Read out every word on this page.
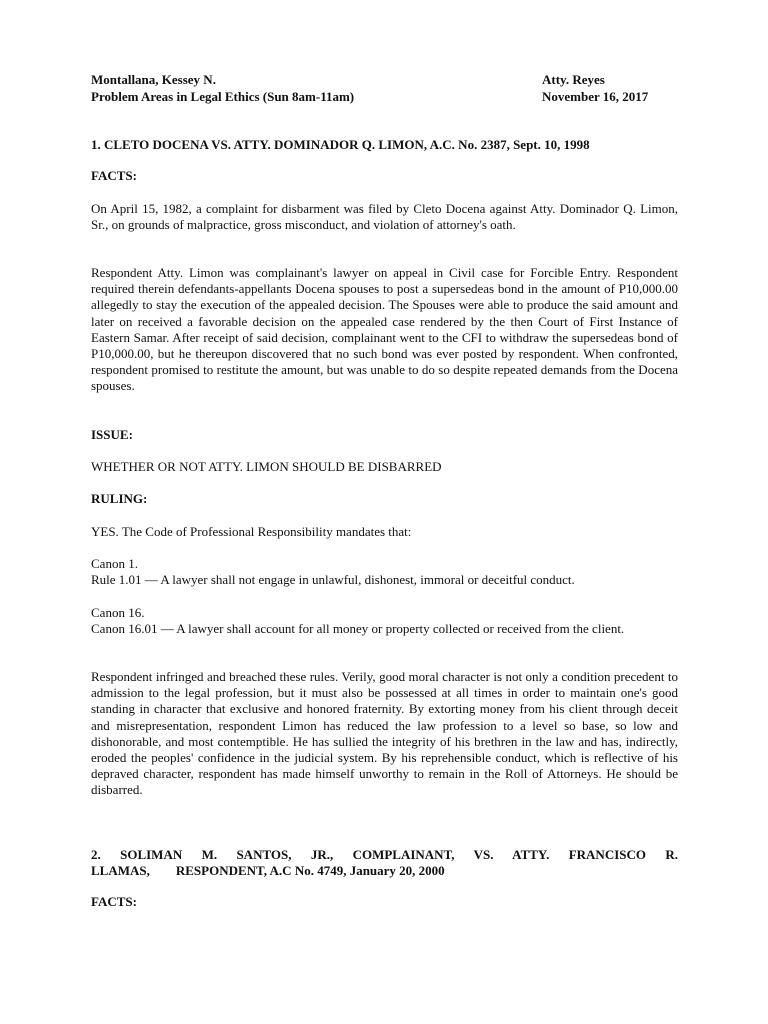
Montallana, Kessey N.	Atty. Reyes
Problem Areas in Legal Ethics (Sun 8am-11am)	November 16, 2017
1. CLETO DOCENA VS. ATTY. DOMINADOR Q. LIMON, A.C. No. 2387, Sept. 10, 1998
FACTS:

On April 15, 1982, a complaint for disbarment was filed by Cleto Docena against Atty. Dominador Q. Limon, Sr., on grounds of malpractice, gross misconduct, and violation of attorney's oath.

Respondent Atty. Limon was complainant's lawyer on appeal in Civil case for Forcible Entry. Respondent required therein defendants-appellants Docena spouses to post a supersedeas bond in the amount of P10,000.00 allegedly to stay the execution of the appealed decision. The Spouses were able to produce the said amount and later on received a favorable decision on the appealed case rendered by the then Court of First Instance of Eastern Samar. After receipt of said decision, complainant went to the CFI to withdraw the supersedeas bond of P10,000.00, but he thereupon discovered that no such bond was ever posted by respondent. When confronted, respondent promised to restitute the amount, but was unable to do so despite repeated demands from the Docena spouses.

ISSUE:
WHETHER OR NOT ATTY. LIMON SHOULD BE DISBARRED
RULING:
YES. The Code of Professional Responsibility mandates that:
Canon 1.
Rule 1.01 — A lawyer shall not engage in unlawful, dishonest, immoral or deceitful conduct.
Canon 16.

Canon 16.01 — A lawyer shall account for all money or property collected or received from the client.

Respondent infringed and breached these rules. Verily, good moral character is not only a condition precedent to admission to the legal profession, but it must also be possessed at all times in order to maintain one's good standing in character that exclusive and honored fraternity. By extorting money from his client through deceit and misrepresentation, respondent Limon has reduced the law profession to a level so base, so low and dishonorable, and most contemptible. He has sullied the integrity of his brethren in the law and has, indirectly, eroded the peoples' confidence in the judicial system. By his reprehensible conduct, which is reflective of his depraved character, respondent has made himself unworthy to remain in the Roll of Attorneys. He should be disbarred.

2. SOLIMAN M. SANTOS, JR., COMPLAINANT, VS. ATTY. FRANCISCO R.
LLAMAS, RESPONDENT, A.C No. 4749, January 20, 2000
FACTS:
